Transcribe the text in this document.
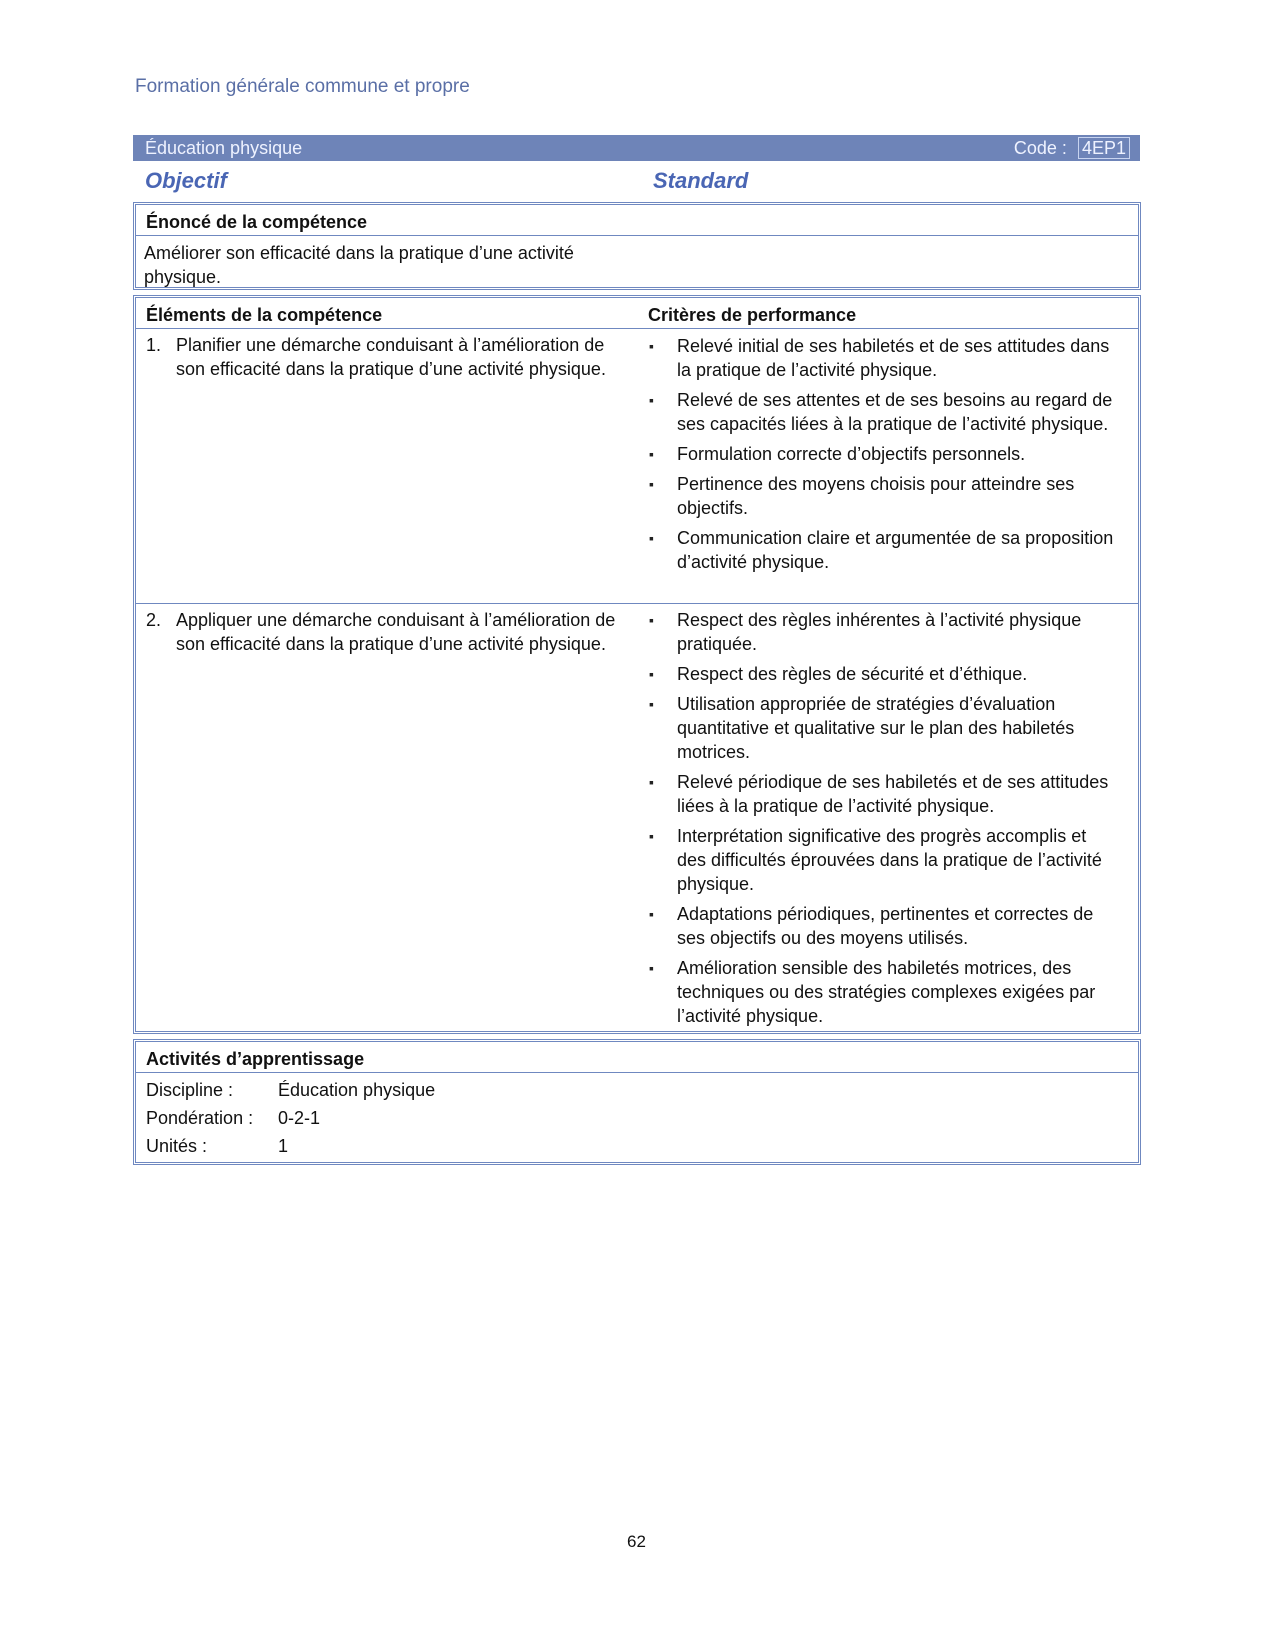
Formation générale commune et propre
Éducation physique	Code : 4EP1
Objectif	Standard
Énoncé de la compétence
Améliorer son efficacité dans la pratique d’une activité physique.
Éléments de la compétence	Critères de performance
1. Planifier une démarche conduisant à l’amélioration de son efficacité dans la pratique d’une activité physique.
▪ Relevé initial de ses habiletés et de ses attitudes dans la pratique de l’activité physique.
▪ Relevé de ses attentes et de ses besoins au regard de ses capacités liées à la pratique de l’activité physique.
▪ Formulation correcte d’objectifs personnels.
▪ Pertinence des moyens choisis pour atteindre ses objectifs.
▪ Communication claire et argumentée de sa proposition d’activité physique.
2. Appliquer une démarche conduisant à l’amélioration de son efficacité dans la pratique d’une activité physique.
▪ Respect des règles inhérentes à l’activité physique pratiquée.
▪ Respect des règles de sécurité et d’éthique.
▪ Utilisation appropriée de stratégies d’évaluation quantitative et qualitative sur le plan des habiletés motrices.
▪ Relevé périodique de ses habiletés et de ses attitudes liées à la pratique de l’activité physique.
▪ Interprétation significative des progrès accomplis et des difficultés éprouvées dans la pratique de l’activité physique.
▪ Adaptations périodiques, pertinentes et correctes de ses objectifs ou des moyens utilisés.
▪ Amélioration sensible des habiletés motrices, des techniques ou des stratégies complexes exigées par l’activité physique.
Activités d’apprentissage
Discipline : Éducation physique
Pondération : 0-2-1
Unités :	1
62
